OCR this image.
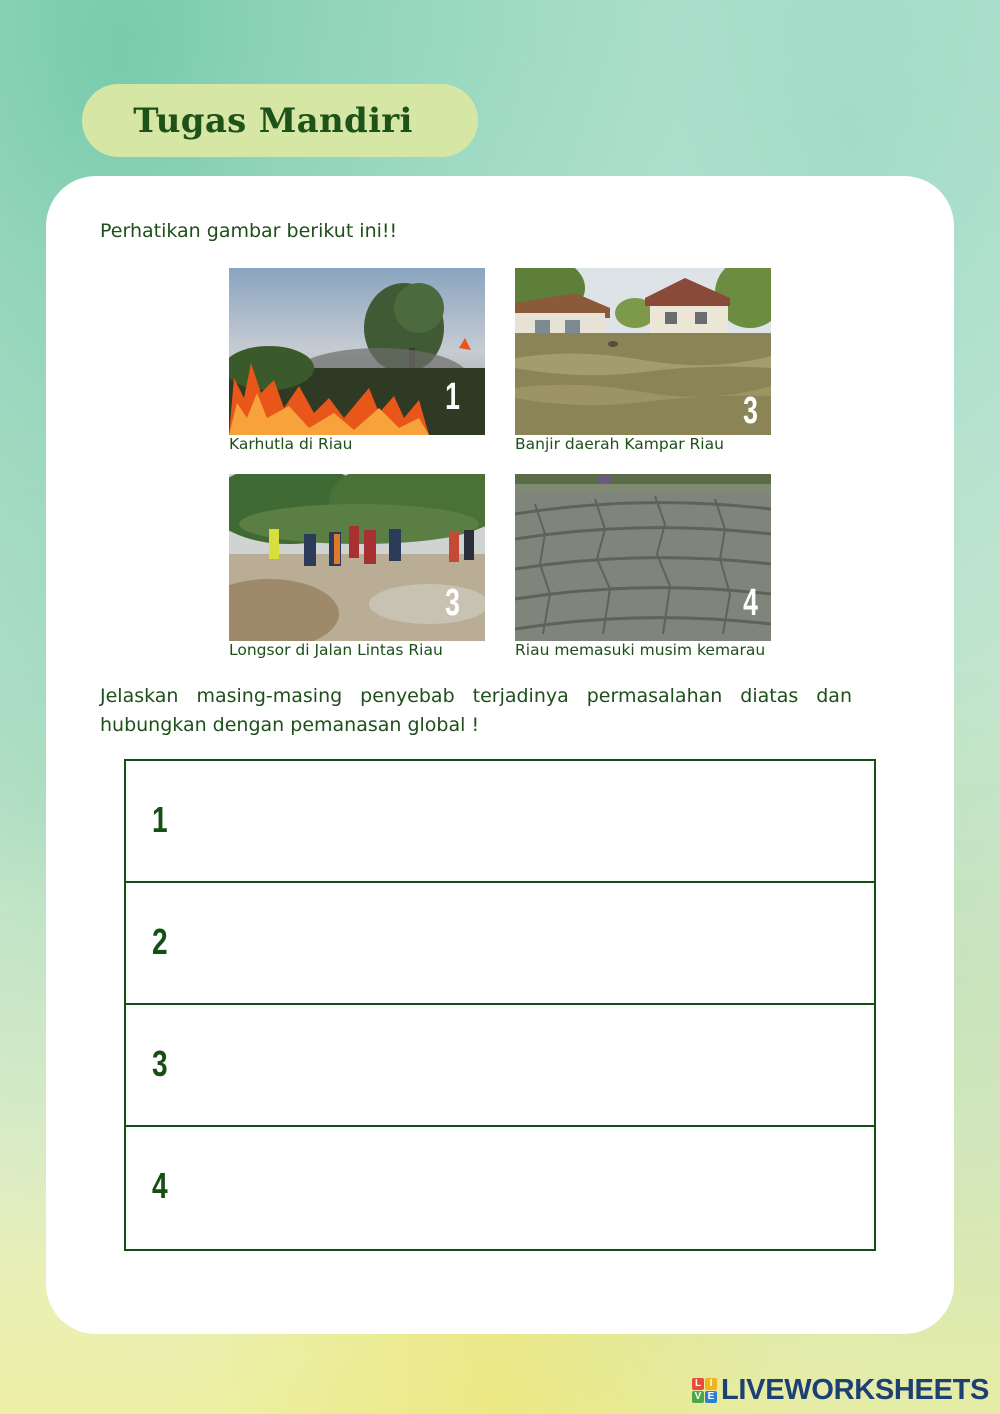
Tugas Mandiri
Perhatikan gambar berikut ini!!
1
Karhutla di Riau
3
Banjir daerah Kampar Riau
3
Longsor di Jalan Lintas Riau
4
Riau memasuki musim kemarau
Jelaskan masing-masing penyebab terjadinya permasalahan diatas dan hubungkan dengan pemanasan global !
1
2
3
4
L I
V E LIVEWORKSHEETS
